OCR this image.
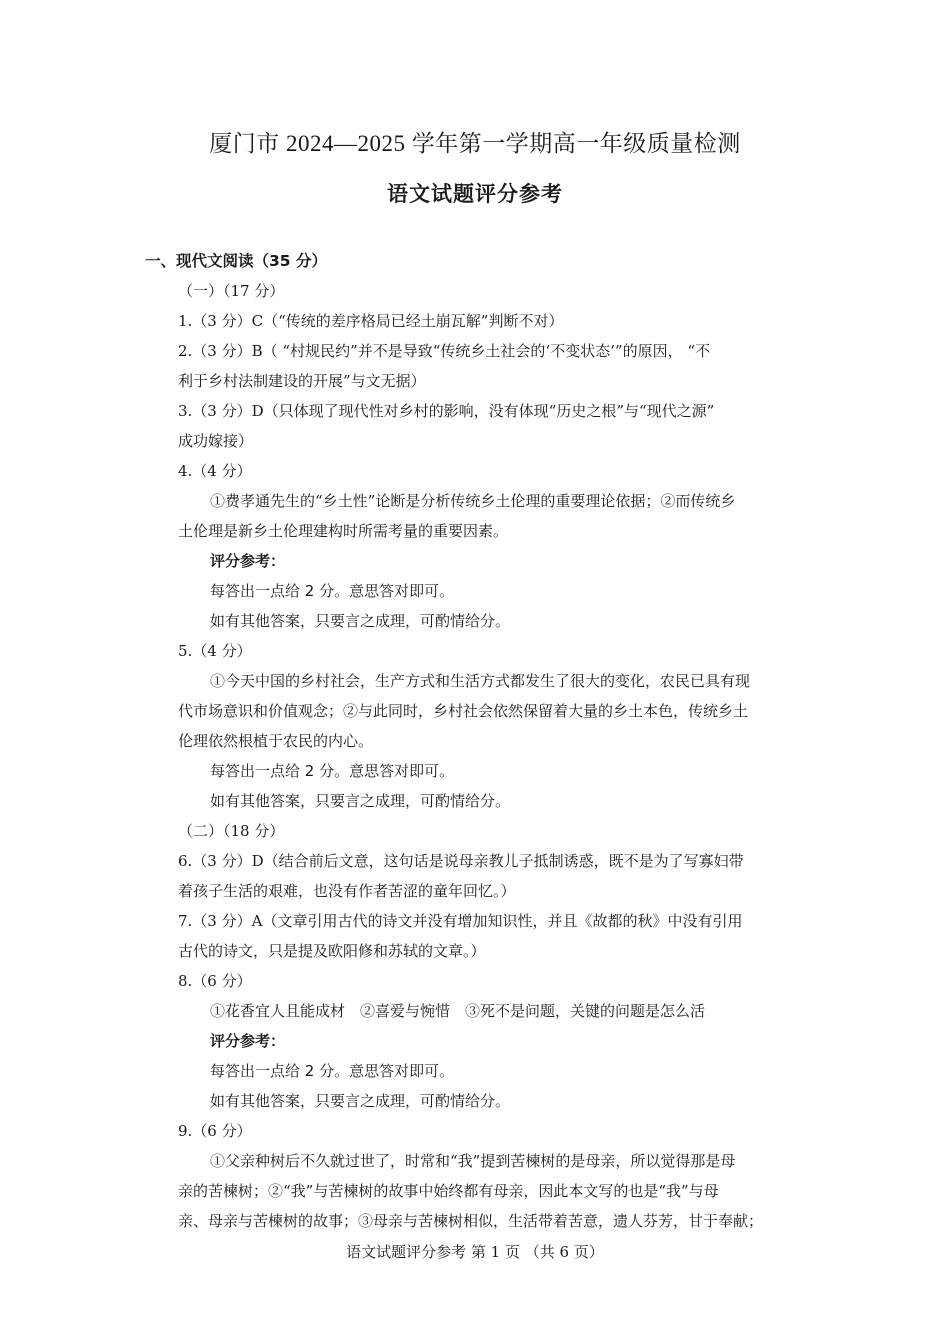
厦门市 2024—2025 学年第一学期高一年级质量检测
语文试题评分参考
一、现代文阅读（35 分）
（一）（17 分）
1.（3 分）C（“传统的差序格局已经土崩瓦解”判断不对）
2.（3 分）B（ “村规民约”并不是导致“传统乡土社会的‘不变状态’”的原因， “不
利于乡村法制建设的开展”与文无据）
3.（3 分）D（只体现了现代性对乡村的影响，没有体现“历史之根”与“现代之源”
成功嫁接）
4.（4 分）
①费孝通先生的“乡土性”论断是分析传统乡土伦理的重要理论依据；②而传统乡
土伦理是新乡土伦理建构时所需考量的重要因素。
评分参考：
每答出一点给 2 分。意思答对即可。
如有其他答案，只要言之成理，可酌情给分。
5.（4 分）
①今天中国的乡村社会，生产方式和生活方式都发生了很大的变化，农民已具有现
代市场意识和价值观念；②与此同时，乡村社会依然保留着大量的乡土本色，传统乡土
伦理依然根植于农民的内心。
每答出一点给 2 分。意思答对即可。
如有其他答案，只要言之成理，可酌情给分。
（二）（18 分）
6.（3 分）D（结合前后文意，这句话是说母亲教儿子抵制诱惑，既不是为了写寡妇带
着孩子生活的艰难，也没有作者苦涩的童年回忆。）
7.（3 分）A（文章引用古代的诗文并没有增加知识性，并且《故都的秋》中没有引用
古代的诗文，只是提及欧阳修和苏轼的文章。）
8.（6 分）
①花香宜人且能成材　②喜爱与惋惜　③死不是问题，关键的问题是怎么活
评分参考：
每答出一点给 2 分。意思答对即可。
如有其他答案，只要言之成理，可酌情给分。
9.（6 分）
①父亲种树后不久就过世了，时常和“我”提到苦楝树的是母亲，所以觉得那是母
亲的苦楝树；②“我”与苦楝树的故事中始终都有母亲，因此本文写的也是“我”与母
亲、母亲与苦楝树的故事；③母亲与苦楝树相似，生活带着苦意，遗人芬芳，甘于奉献；
语文试题评分参考 第 1 页 （共 6 页）
